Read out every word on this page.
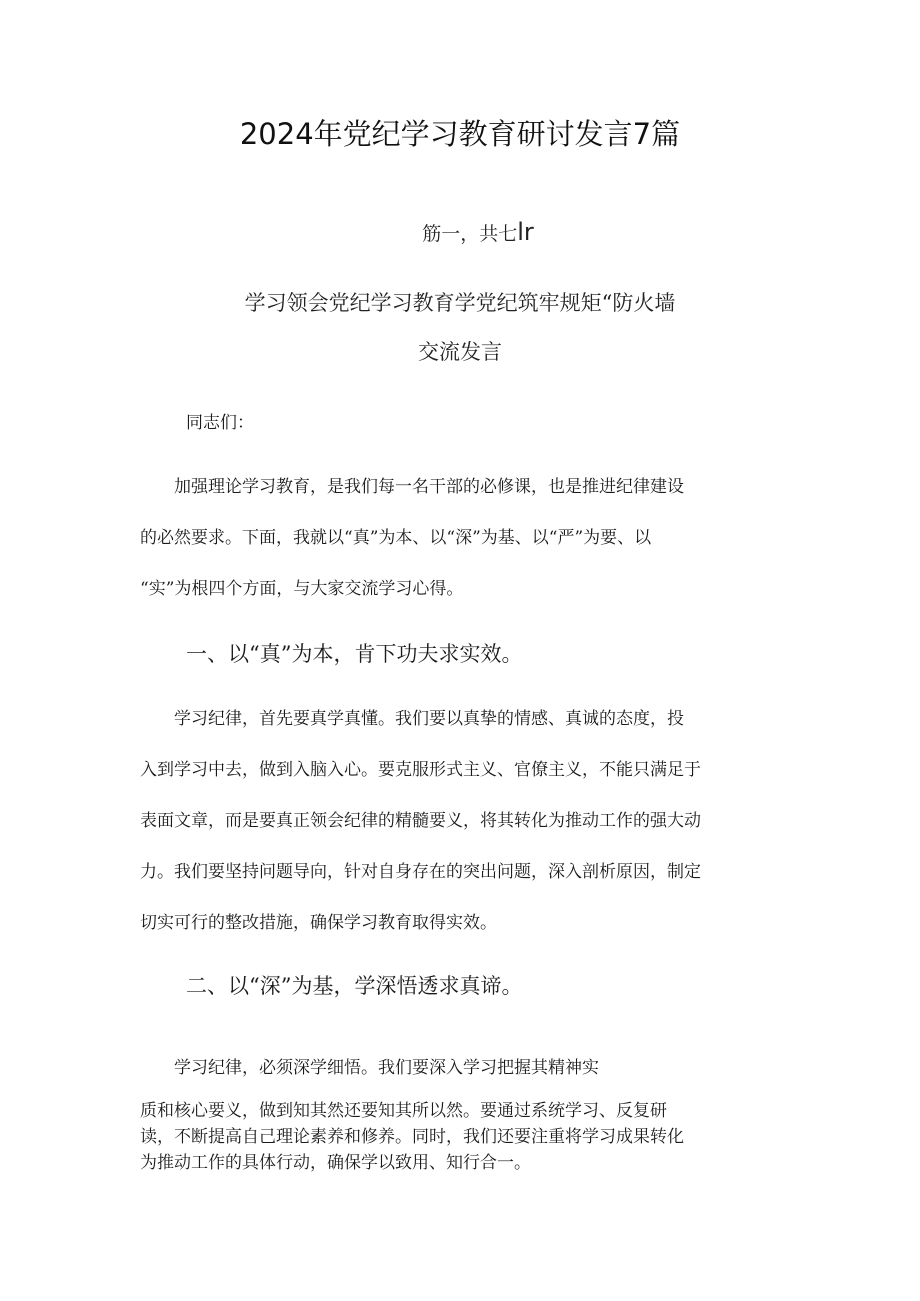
2024年党纪学习教育研讨发言7篇
筋一，共七lr
学习领会党纪学习教育学党纪筑牢规矩“防火墙
交流发言
同志们：
　　加强理论学习教育，是我们每一名干部的必修课，也是推进纪律建设
的必然要求。下面，我就以“真”为本、以“深”为基、以“严”为要、以
“实”为根四个方面，与大家交流学习心得。
一、以“真”为本，肯下功夫求实效。
　　学习纪律，首先要真学真懂。我们要以真挚的情感、真诚的态度，投
入到学习中去，做到入脑入心。要克服形式主义、官僚主义，不能只满足于
表面文章，而是要真正领会纪律的精髓要义，将其转化为推动工作的强大动
力。我们要坚持问题导向，针对自身存在的突出问题，深入剖析原因，制定
切实可行的整改措施，确保学习教育取得实效。
二、以“深”为基，学深悟透求真谛。
　　学习纪律，必须深学细悟。我们要深入学习把握其精神实
质和核心要义，做到知其然还要知其所以然。要通过系统学习、反复研
读，不断提高自己理论素养和修养。同时，我们还要注重将学习成果转化
为推动工作的具体行动，确保学以致用、知行合一。
